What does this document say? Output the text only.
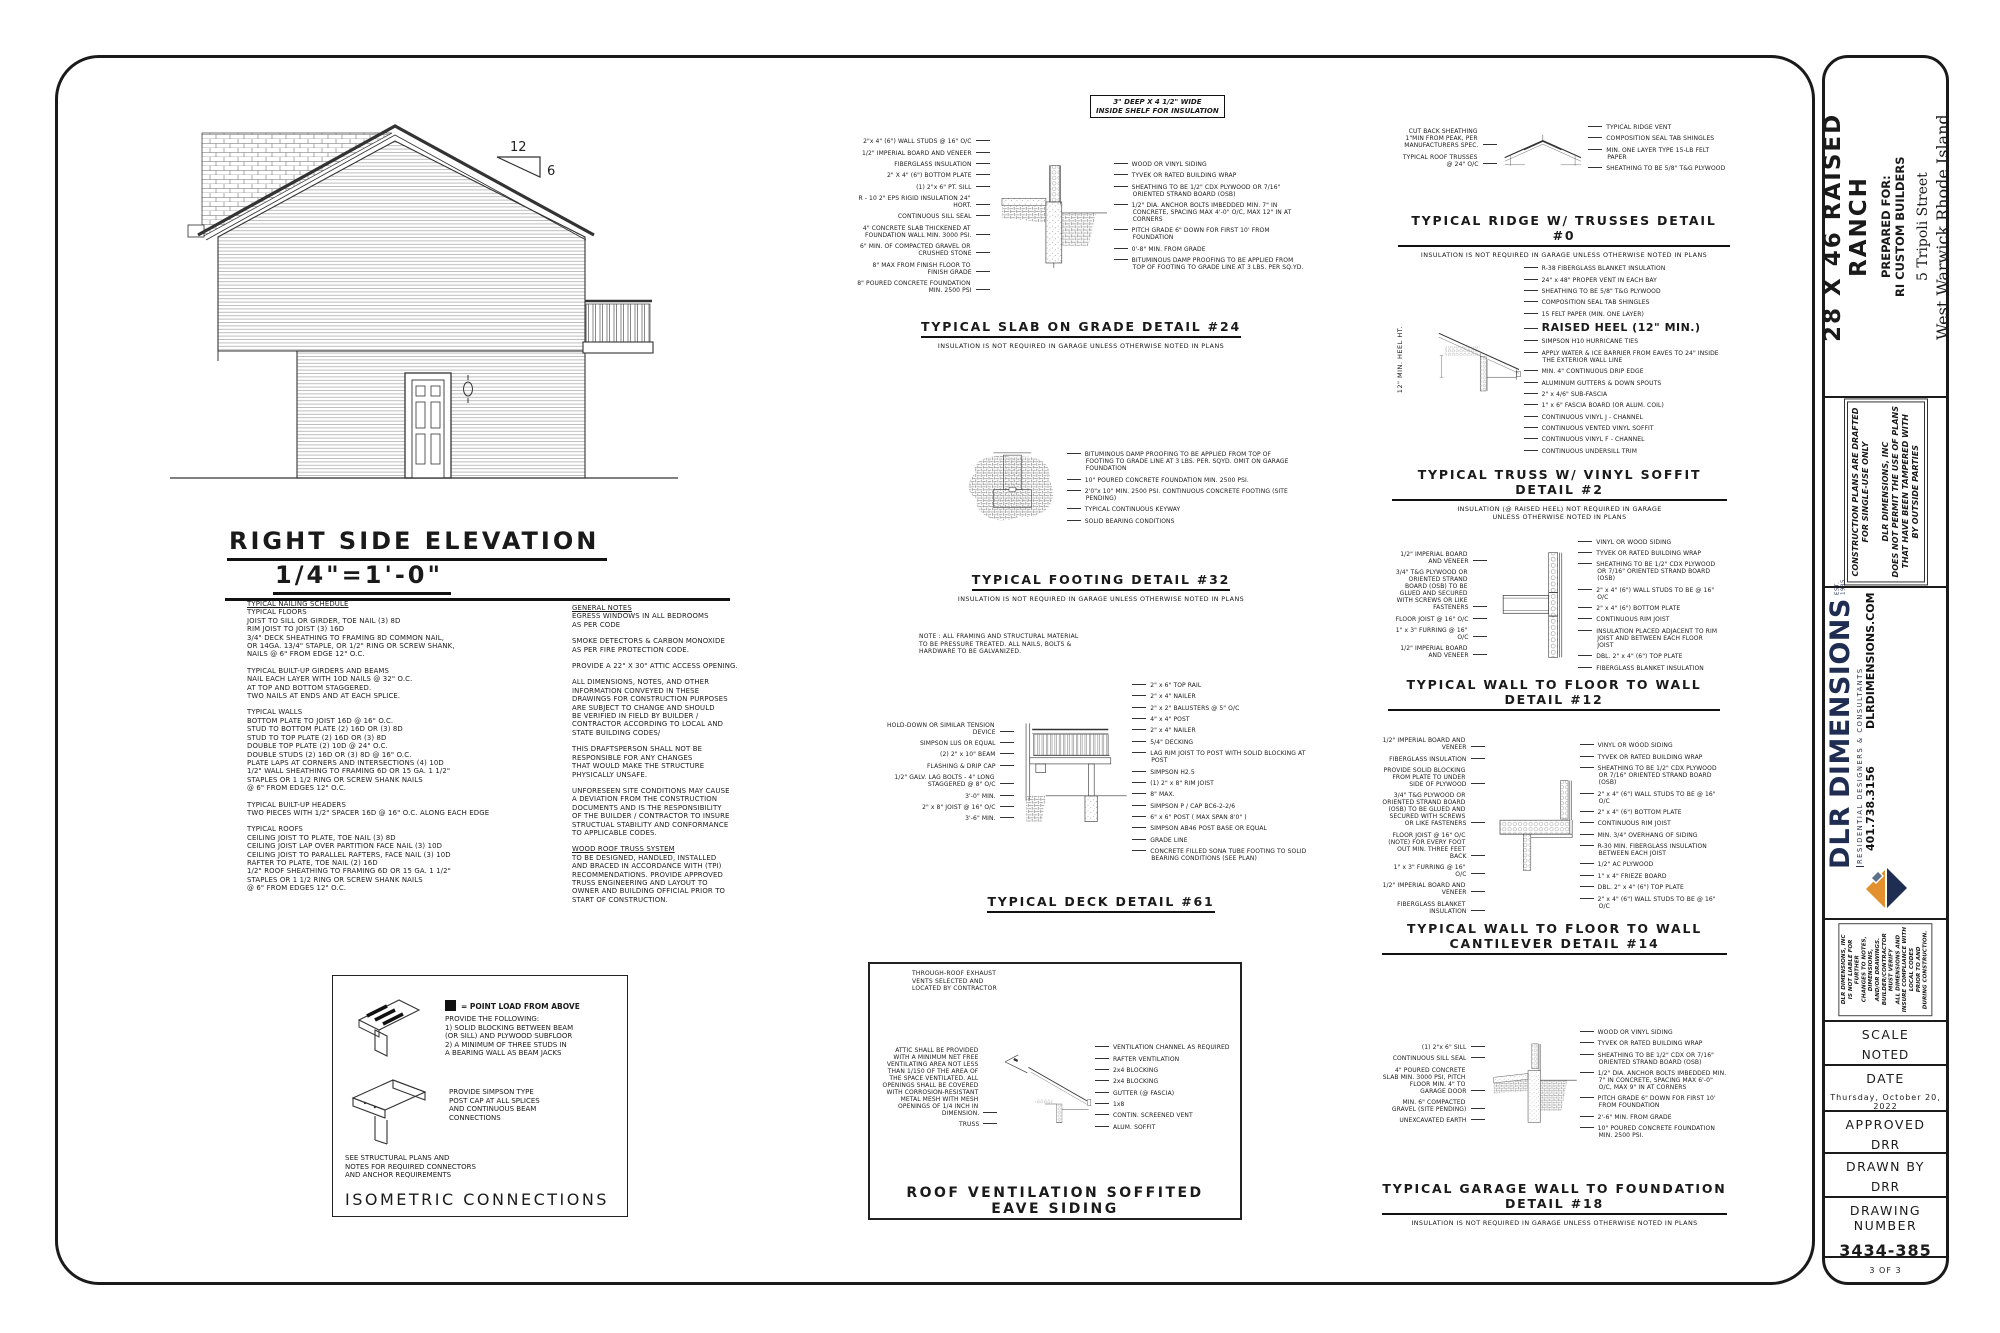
12
6
RIGHT SIDE ELEVATION1/4"=1'-0"
TYPICAL NAILING SCHEDULE
TYPICAL FLOORS
JOIST TO SILL OR GIRDER, TOE NAIL (3) 8D
RIM JOIST TO JOIST (3) 16D
3/4" DECK SHEATHING TO FRAMING 8D COMMON NAIL,
OR 14GA. 13/4" STAPLE, OR 1/2" RING OR SCREW SHANK,
NAILS @ 6" FROM EDGE 12" O.C.
TYPICAL BUILT-UP GIRDERS AND BEAMS
NAIL EACH LAYER WITH 10D NAILS @ 32" O.C.
AT TOP AND BOTTOM STAGGERED.
TWO NAILS AT ENDS AND AT EACH SPLICE.
TYPICAL WALLS
BOTTOM PLATE TO JOIST 16D @ 16" O.C.
STUD TO BOTTOM PLATE (2) 16D OR (3) 8D
STUD TO TOP PLATE (2) 16D OR (3) 8D
DOUBLE TOP PLATE (2) 10D @ 24" O.C.
DOUBLE STUDS (2) 16D OR (3) 8D @ 16" O.C.
PLATE LAPS AT CORNERS AND INTERSECTIONS (4) 10D
1/2" WALL SHEATHING TO FRAMING 6D OR 15 GA. 1 1/2"
STAPLES OR 1 1/2 RING OR SCREW SHANK NAILS
@ 6" FROM EDGES 12" O.C.
TYPICAL BUILT-UP HEADERS
TWO PIECES WITH 1/2" SPACER 16D @ 16" O.C. ALONG EACH EDGE
TYPICAL ROOFS
CEILING JOIST TO PLATE, TOE NAIL (3) 8D
CEILING JOIST LAP OVER PARTITION FACE NAIL (3) 10D
CEILING JOIST TO PARALLEL RAFTERS, FACE NAIL (3) 10D
RAFTER TO PLATE, TOE NAIL (2) 16D
1/2" ROOF SHEATHING TO FRAMING 6D OR 15 GA. 1 1/2"
STAPLES OR 1 1/2 RING OR SCREW SHANK NAILS
@ 6" FROM EDGES 12" O.C.
GENERAL NOTES
EGRESS WINDOWS IN ALL BEDROOMS
AS PER CODE
SMOKE DETECTORS & CARBON MONOXIDE
AS PER FIRE PROTECTION CODE.
PROVIDE A 22" X 30" ATTIC ACCESS OPENING.
ALL DIMENSIONS, NOTES, AND OTHER
INFORMATION CONVEYED IN THESE
DRAWINGS FOR CONSTRUCTION PURPOSES
ARE SUBJECT TO CHANGE AND SHOULD
BE VERIFIED IN FIELD BY BUILDER /
CONTRACTOR ACCORDING TO LOCAL AND
STATE BUILDING CODES/
THIS DRAFTSPERSON SHALL NOT BE
RESPONSIBLE FOR ANY CHANGES
THAT WOULD MAKE THE STRUCTURE
PHYSICALLY UNSAFE.
UNFORESEEN SITE CONDITIONS MAY CAUSE
A DEVIATION FROM THE CONSTRUCTION
DOCUMENTS AND IS THE RESPONSIBILITY
OF THE BUILDER / CONTRACTOR TO INSURE
STRUCTUAL STABILITY AND CONFORMANCE
TO APPLICABLE CODES.
WOOD ROOF TRUSS SYSTEM
TO BE DESIGNED, HANDLED, INSTALLED
AND BRACED IN ACCORDANCE WITH (TPI)
RECOMMENDATIONS. PROVIDE APPROVED
TRUSS ENGINEERING AND LAYOUT TO
OWNER AND BUILDING OFFICIAL PRIOR TO
START OF CONSTRUCTION.
= POINT LOAD FROM ABOVE
PROVIDE THE FOLLOWING:
1) SOLID BLOCKING BETWEEN BEAM
(OR SILL) AND PLYWOOD SUBFLOOR
2) A MINIMUM OF THREE STUDS IN
A BEARING WALL AS BEAM JACKS
PROVIDE SIMPSON TYPE
POST CAP AT ALL SPLICES
AND CONTINUOUS BEAM
CONNECTIONS
SEE STRUCTURAL PLANS AND
NOTES FOR REQUIRED CONNECTORS
AND ANCHOR REQUIREMENTS
ISOMETRIC CONNECTIONS
3" DEEP X 4 1/2" WIDE
INSIDE SHELF FOR INSULATION
2"x 4" (6") WALL STUDS @ 16" O/C
1/2" IMPERIAL BOARD AND VENEER
FIBERGLASS INSULATION
2" X 4" (6") BOTTOM PLATE
(1) 2"x 6" PT. SILL
R - 10 2" EPS RIGID INSULATION 24" HORT.
CONTINUOUS SILL SEAL
4" CONCRETE SLAB THICKENED AT FOUNDATION WALL MIN. 3000 PSI.
6" MIN. OF COMPACTED GRAVEL OR CRUSHED STONE
8" MAX FROM FINISH FLOOR TO FINISH GRADE
8" POURED CONCRETE FOUNDATION MIN. 2500 PSI
WOOD OR VINYL SIDING
TYVEK OR RATED BUILDING WRAP
SHEATHING TO BE 1/2" CDX PLYWOOD OR 7/16" ORIENTED STRAND BOARD (OSB)
1/2" DIA. ANCHOR BOLTS IMBEDDED MIN. 7" IN CONCRETE, SPACING MAX 4'-0" O/C, MAX 12" IN AT CORNERS
PITCH GRADE 6" DOWN FOR FIRST 10' FROM FOUNDATION
0'-8" MIN. FROM GRADE
BITUMINOUS DAMP PROOFING TO BE APPLIED FROM TOP OF FOOTING TO GRADE LINE AT 3 LBS. PER SQ.YD.
TYPICAL SLAB ON GRADE DETAIL #24
INSULATION IS NOT REQUIRED IN GARAGE UNLESS OTHERWISE NOTED IN PLANS
BITUMINOUS DAMP PROOFING TO BE APPLIED FROM TOP OF FOOTING TO GRADE LINE AT 3 LBS. PER. SQYD. OMIT ON GARAGE FOUNDATION
10" POURED CONCRETE FOUNDATION MIN. 2500 PSI.
2'0"x 10" MIN. 2500 PSI. CONTINUOUS CONCRETE FOOTING (SITE PENDING)
TYPICAL CONTINUOUS KEYWAY
SOLID BEARING CONDITIONS
TYPICAL FOOTING DETAIL #32
INSULATION IS NOT REQUIRED IN GARAGE UNLESS OTHERWISE NOTED IN PLANS
NOTE : ALL FRAMING AND STRUCTURAL MATERIAL
TO BE PRESSURE TREATED. ALL NAILS, BOLTS &
HARDWARE TO BE GALVANIZED.
HOLD-DOWN OR SIMILAR TENSION DEVICE
SIMPSON LUS OR EQUAL
(2) 2" x 10" BEAM
FLASHING & DRIP CAP
1/2" GALV. LAG BOLTS - 4" LONG STAGGERED @ 8" O/C
3'-0" MIN.
2" x 8" JOIST @ 16" O/C
3'-6" MIN.
2" x 6" TOP RAIL
2" x 4" NAILER
2" x 2" BALUSTERS @ 5" O/C
4" x 4" POST
2" x 4" NAILER
5/4" DECKING
LAG RIM JOIST TO POST WITH SOLID BLOCKING AT POST
SIMPSON H2.5
(1) 2" x 8" RIM JOIST
8" MAX.
SIMPSON P / CAP BC6-2-2/6
6" x 6" POST ( MAX SPAN 8'0" )
SIMPSON AB46 POST BASE OR EQUAL
GRADE LINE
CONCRETE FILLED SONA TUBE FOOTING TO SOLID BEARING CONDITIONS (SEE PLAN)
TYPICAL DECK DETAIL #61
THROUGH-ROOF EXHAUST
VENTS SELECTED AND
LOCATED BY CONTRACTOR
ATTIC SHALL BE PROVIDED WITH A MINIMUM NET FREE VENTILATING AREA NOT LESS THAN 1/150 OF THE AREA OF THE SPACE VENTILATED. ALL OPENINGS SHALL BE COVERED WITH CORROSION-RESISTANT METAL MESH WITH MESH OPENINGS OF 1/4 INCH IN DIMENSION.
TRUSS
VENTILATION CHANNEL AS REQUIRED
RAFTER VENTILATION
2x4 BLOCKING
2x4 BLOCKING
GUTTER (@ FASCIA)
1x8
CONTIN. SCREENED VENT
ALUM. SOFFIT
ROOF VENTILATION SOFFITED EAVE SIDING
CUT BACK SHEATHING 1"MIN FROM PEAK, PER MANUFACTURERS SPEC.
TYPICAL ROOF TRUSSES @ 24" O/C
TYPICAL RIDGE VENT
COMPOSITION SEAL TAB SHINGLES
MIN. ONE LAYER TYPE 15-LB FELT PAPER
SHEATHING TO BE 5/8" T&G PLYWOOD
TYPICAL RIDGE W/ TRUSSES DETAIL #0
INSULATION IS NOT REQUIRED IN GARAGE UNLESS OTHERWISE NOTED IN PLANS
12" MIN. HEEL HT.
R-38 FIBERGLASS BLANKET INSULATION
24" x 48" PROPER VENT IN EACH BAY
SHEATHING TO BE 5/8" T&G PLYWOOD
COMPOSITION SEAL TAB SHINGLES
15 FELT PAPER (MIN. ONE LAYER)
RAISED HEEL (12" MIN.)
SIMPSON H10 HURRICANE TIES
APPLY WATER & ICE BARRIER FROM EAVES TO 24" INSIDE THE EXTERIOR WALL LINE
MIN. 4" CONTINUOUS DRIP EDGE
ALUMINUM GUTTERS & DOWN SPOUTS
2" x 4/6" SUB-FASCIA
1" x 6" FASCIA BOARD (OR ALUM. COIL)
CONTINUOUS VINYL J - CHANNEL
CONTINUOUS VENTED VINYL SOFFIT
CONTINUOUS VINYL F - CHANNEL
CONTINUOUS UNDERSILL TRIM
TYPICAL TRUSS W/ VINYL SOFFIT DETAIL #2
INSULATION (@ RAISED HEEL) NOT REQUIRED IN GARAGE
UNLESS OTHERWISE NOTED IN PLANS
1/2" IMPERIAL BOARD AND VENEER
3/4" T&G PLYWOOD OR ORIENTED STRAND BOARD (OSB) TO BE GLUED AND SECURED WITH SCREWS OR LIKE FASTENERS
FLOOR JOIST @ 16" O/C
1" x 3" FURRING @ 16" O/C
1/2" IMPERIAL BOARD AND VENEER
VINYL OR WOOD SIDING
TYVEK OR RATED BUILDING WRAP
SHEATHING TO BE 1/2" CDX PLYWOOD OR 7/16" ORIENTED STRAND BOARD (OSB)
2" x 4" (6") WALL STUDS TO BE @ 16" O/C
2" x 4" (6") BOTTOM PLATE
CONTINUOUS RIM JOIST
INSULATION PLACED ADJACENT TO RIM JOIST AND BETWEEN EACH FLOOR JOIST
DBL. 2" x 4" (6") TOP PLATE
FIBERGLASS BLANKET INSULATION
TYPICAL WALL TO FLOOR TO WALL DETAIL #12
1/2" IMPERIAL BOARD AND VENEER
FIBERGLASS INSULATION
PROVIDE SOLID BLOCKING FROM PLATE TO UNDER SIDE OF PLYWOOD
3/4" T&G PLYWOOD OR ORIENTED STRAND BOARD (OSB) TO BE GLUED AND SECURED WITH SCREWS OR LIKE FASTENERS
FLOOR JOIST @ 16" O/C (NOTE) FOR EVERY FOOT OUT MIN. THREE FEET BACK
1" x 3" FURRING @ 16" O/C
1/2" IMPERIAL BOARD AND VENEER
FIBERGLASS BLANKET INSULATION
VINYL OR WOOD SIDING
TYVEK OR RATED BUILDING WRAP
SHEATHING TO BE 1/2" CDX PLYWOOD OR 7/16" ORIENTED STRAND BOARD (OSB)
2" x 4" (6") WALL STUDS TO BE @ 16" O/C
2" x 4" (6") BOTTOM PLATE
CONTINUOUS RIM JOIST
MIN. 3/4" OVERHANG OF SIDING
R-30 MIN. FIBERGLASS INSULATION BETWEEN EACH JOIST
1/2" AC PLYWOOD
1" x 4" FRIEZE BOARD
DBL. 2" x 4" (6") TOP PLATE
2" x 4" (6") WALL STUDS TO BE @ 16" O/C
TYPICAL WALL TO FLOOR TO WALL CANTILEVER DETAIL #14
(1) 2"x 6" SILL
CONTINUOUS SILL SEAL
4" POURED CONCRETE SLAB MIN. 3000 PSI, PITCH FLOOR MIN. 4" TO GARAGE DOOR
MIN. 6" COMPACTED GRAVEL (SITE PENDING)
UNEXCAVATED EARTH
WOOD OR VINYL SIDING
TYVEK OR RATED BUILDING WRAP
SHEATHING TO BE 1/2" CDX OR 7/16" ORIENTED STRAND BOARD (OSB)
1/2" DIA. ANCHOR BOLTS IMBEDDED MIN. 7" IN CONCRETE, SPACING MAX 6'-0" O/C, MAX 9" IN AT CORNERS
PITCH GRADE 6" DOWN FOR FIRST 10' FROM FOUNDATION
2'-6" MIN. FROM GRADE
10" POURED CONCRETE FOUNDATION MIN. 2500 PSI.
TYPICAL GARAGE WALL TO FOUNDATION DETAIL #18
INSULATION IS NOT REQUIRED IN GARAGE UNLESS OTHERWISE NOTED IN PLANS
28 X 46 RAISED RANCH PREPARED FOR: RI CUSTOM BUILDERS 5 Tripoli Street West Warwick Rhode Island
CONSTRUCTION PLANS ARE DRAFTED
FOR SINGLE-USE ONLY

DLR DIMENSIONS, INC
DOES NOT PERMIT THE USE OF PLANS
THAT HAVE BEEN TAMPERED WITH
BY OUTSIDE PARTIES
DLR

DIMENSIONS
EST. 1985
RESIDENTIAL DESIGNERS & CONSULTANTS 401.738.3156
DLRDIMENSIONS.COM
DLR DIMENSIONS, INC
IS NOT LIABLE FOR
FURTHER
CHANGES TO NOTES,
DIMENSIONS,
AND/OR DRAWINGS.
BUILDER/CONTRACTOR
MUST VERIFY
ALL DIMENSIONS AND
INSURE COMPLIANCE WITH
LOCAL CODES
PRIOR TO AND
DURING CONSTRUCTION.
SCALE
NOTED
DATE
Thursday, October 20, 2022
APPROVED
DRR
DRAWN BY
DRR
DRAWING NUMBER
3434-385
3 OF 3
